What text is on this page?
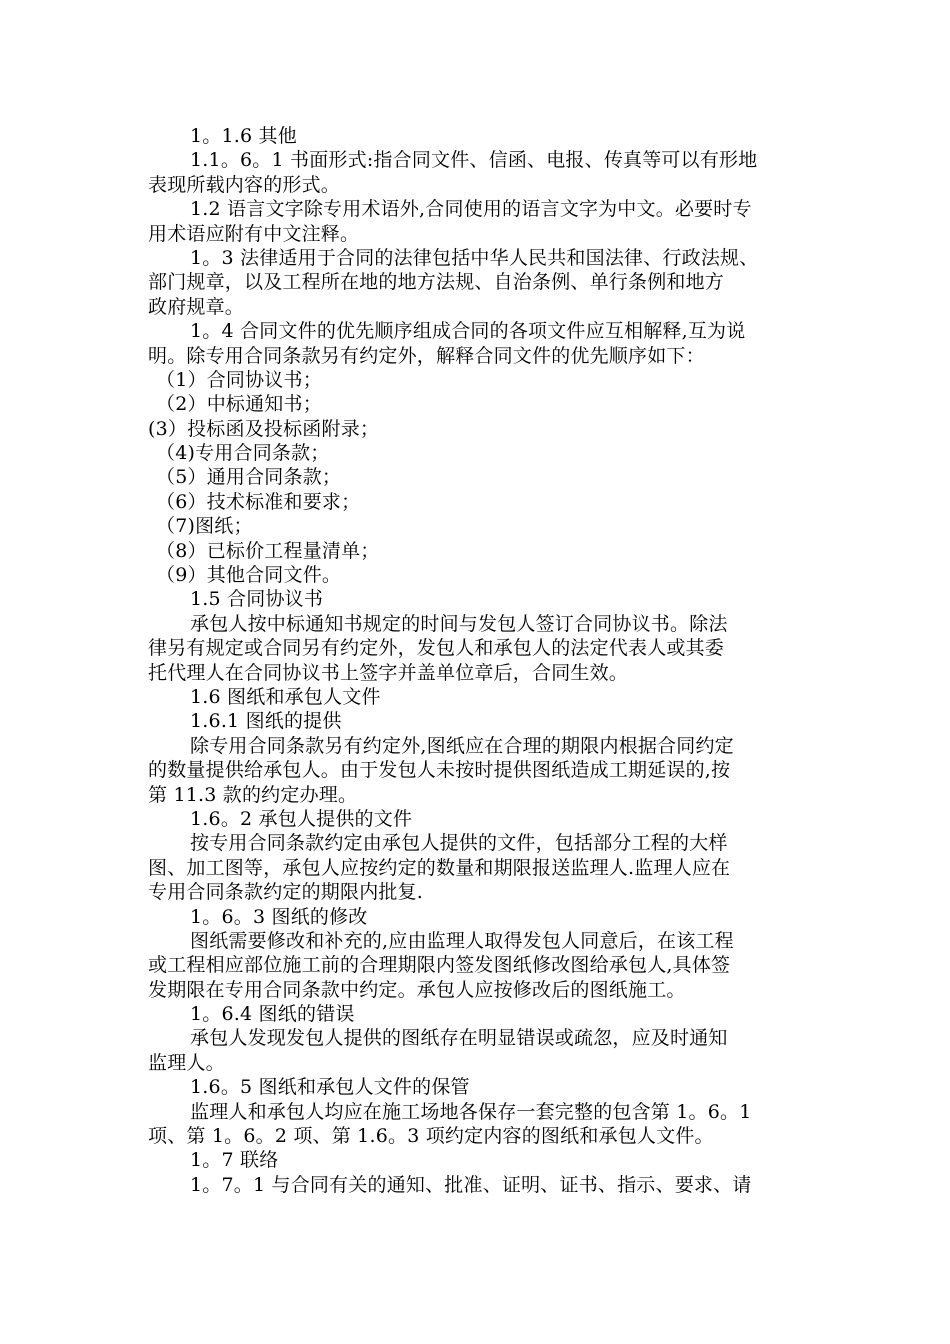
1。1.6 其他
1.1。6。1 书面形式:指合同文件、信函、电报、传真等可以有形地
表现所载内容的形式。
1.2 语言文字除专用术语外,合同使用的语言文字为中文。必要时专
用术语应附有中文注释。
1。3 法律适用于合同的法律包括中华人民共和国法律、行政法规、
部门规章，以及工程所在地的地方法规、自治条例、单行条例和地方
政府规章。
1。4 合同文件的优先顺序组成合同的各项文件应互相解释,互为说
明。除专用合同条款另有约定外，解释合同文件的优先顺序如下：
（1）合同协议书；
（2）中标通知书；
(3）投标函及投标函附录；
（4)专用合同条款；
（5）通用合同条款；
（6）技术标准和要求；
（7)图纸；
（8）已标价工程量清单；
（9）其他合同文件。
1.5 合同协议书
承包人按中标通知书规定的时间与发包人签订合同协议书。除法
律另有规定或合同另有约定外，发包人和承包人的法定代表人或其委
托代理人在合同协议书上签字并盖单位章后，合同生效。
1.6 图纸和承包人文件
1.6.1 图纸的提供
除专用合同条款另有约定外,图纸应在合理的期限内根据合同约定
的数量提供给承包人。由于发包人未按时提供图纸造成工期延误的,按
第 11.3 款的约定办理。
1.6。2 承包人提供的文件
按专用合同条款约定由承包人提供的文件，包括部分工程的大样
图、加工图等，承包人应按约定的数量和期限报送监理人.监理人应在
专用合同条款约定的期限内批复.
1。6。3 图纸的修改
图纸需要修改和补充的,应由监理人取得发包人同意后，在该工程
或工程相应部位施工前的合理期限内签发图纸修改图给承包人,具体签
发期限在专用合同条款中约定。承包人应按修改后的图纸施工。
1。6.4 图纸的错误
承包人发现发包人提供的图纸存在明显错误或疏忽，应及时通知
监理人。
1.6。5 图纸和承包人文件的保管
监理人和承包人均应在施工场地各保存一套完整的包含第 1。6。1
项、第 1。6。2 项、第 1.6。3 项约定内容的图纸和承包人文件。
1。7 联络
1。7。1 与合同有关的通知、批准、证明、证书、指示、要求、请
